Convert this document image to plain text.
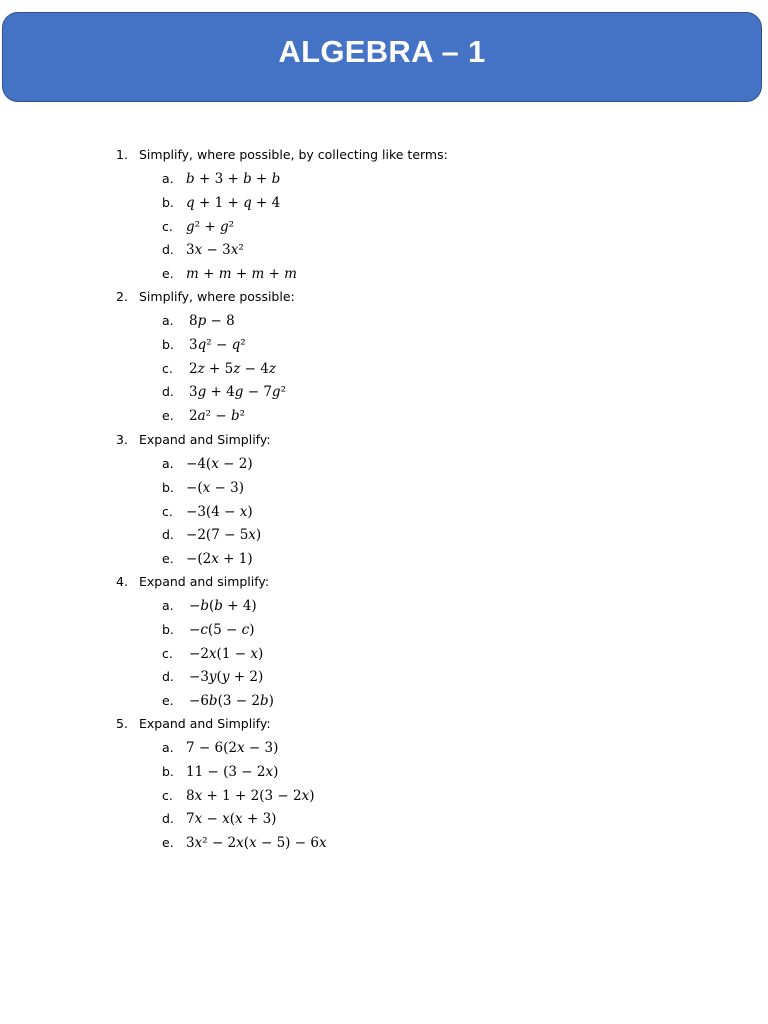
ALGEBRA – 1
1. Simplify, where possible, by collecting like terms:
a. b + 3 + b + b
b. q + 1 + q + 4
c. g² + g²
d. 3x − 3x²
e. m + m + m + m
2. Simplify, where possible:
a. 8p − 8
b. 3q² − q²
c. 2z + 5z − 4z
d. 3g + 4g − 7g²
e. 2a² − b²
3. Expand and Simplify:
a. −4(x − 2)
b. −(x − 3)
c. −3(4 − x)
d. −2(7 − 5x)
e. −(2x + 1)
4. Expand and simplify:
a. −b(b + 4)
b. −c(5 − c)
c. −2x(1 − x)
d. −3y(y + 2)
e. −6b(3 − 2b)
5. Expand and Simplify:
a. 7 − 6(2x − 3)
b. 11 − (3 − 2x)
c. 8x + 1 + 2(3 − 2x)
d. 7x − x(x + 3)
e. 3x² − 2x(x − 5) − 6x
